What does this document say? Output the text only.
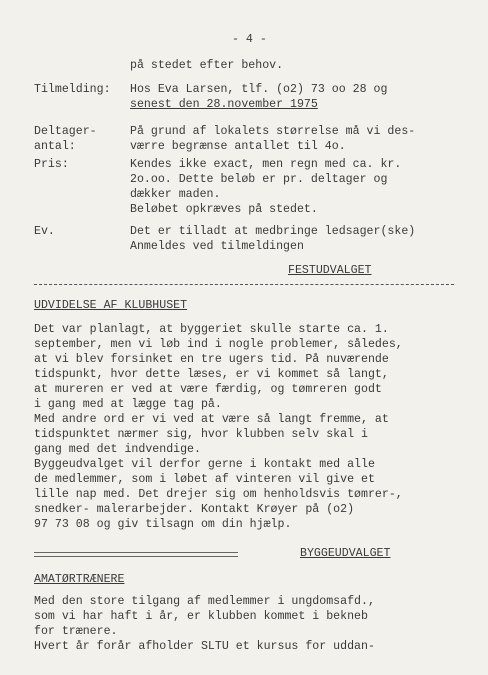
- 4 -
på stedet efter behov.
Tilmelding: Hos Eva Larsen, tlf. (o2) 73 oo 28 og
senest den 28.november 1975
Deltager-
antal:
På grund af lokalets størrelse må vi des-
værre begrænse antallet til 4o.
Pris:	Kendes ikke exact, men regn med ca. kr.
2o.oo. Dette beløb er pr. deltager og
dækker maden.
Beløbet opkræves på stedet.
Ev.	Det er tilladt at medbringe ledsager(ske)
Anmeldes ved tilmeldingen
FESTUDVALGET
UDVIDELSE AF KLUBHUSET
Det var planlagt, at byggeriet skulle starte ca. 1.
september, men vi løb ind i nogle problemer, således,
at vi blev forsinket en tre ugers tid. På nuværende
tidspunkt, hvor dette læses, er vi kommet så langt,
at mureren er ved at være færdig, og tømreren godt
i gang med at lægge tag på.
Med andre ord er vi ved at være så langt fremme, at
tidspunktet nærmer sig, hvor klubben selv skal i
gang med det indvendige.
Byggeudvalget vil derfor gerne i kontakt med alle
de medlemmer, som i løbet af vinteren vil give et
lille nap med. Det drejer sig om henholdsvis tømrer-,
snedker- malerarbejder. Kontakt Krøyer på (o2)
97 73 08 og giv tilsagn om din hjælp.
BYGGEUDVALGET
AMATØRTRÆNERE
Med den store tilgang af medlemmer i ungdomsafd.,
som vi har haft i år, er klubben kommet i bekneb
for trænere.
Hvert år forår afholder SLTU et kursus for uddan-
